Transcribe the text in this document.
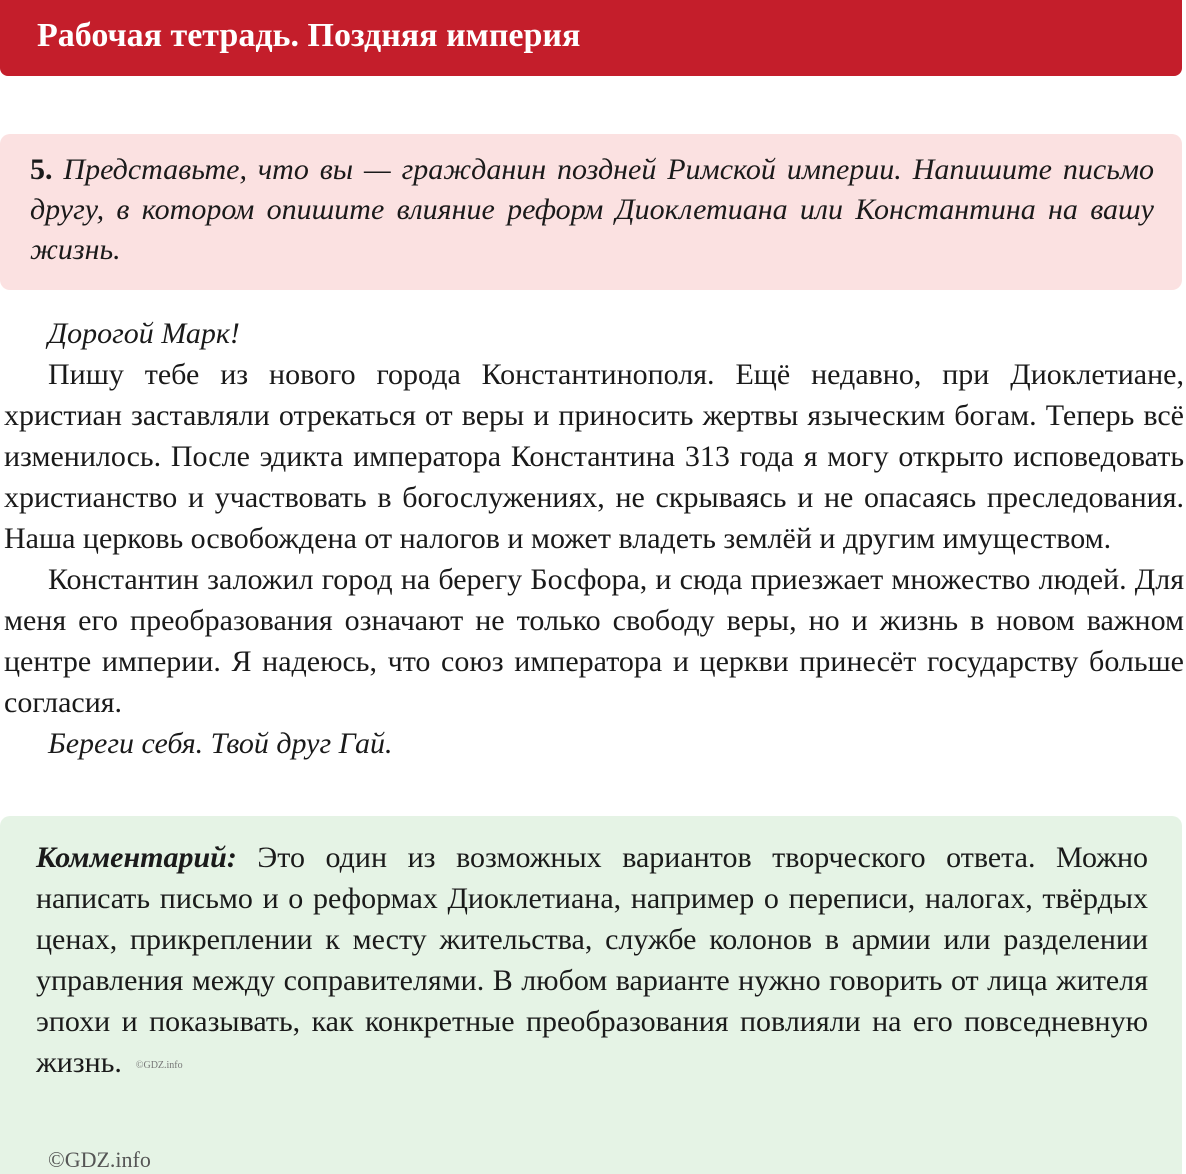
Рабочая тетрадь. Поздняя империя
5. Представьте, что вы — гражданин поздней Римской империи. Напишите письмо другу, в котором опишите влияние реформ Диоклетиана или Константина на вашу жизнь.

Дорогой Марк!

Пишу тебе из нового города Константинополя. Ещё недавно, при Диоклетиане, христиан заставляли отрекаться от веры и приносить жертвы языческим богам. Теперь всё изменилось. После эдикта императора Константина 313 года я могу открыто исповедовать христианство и участвовать в богослужениях, не скрываясь и не опасаясь преследования. Наша церковь освобождена от налогов и может владеть землёй и другим имуществом.

Константин заложил город на берегу Босфора, и сюда приезжает множество людей. Для меня его преобразования означают не только свободу веры, но и жизнь в новом важном центре империи. Я надеюсь, что союз императора и церкви принесёт государству больше согласия.

Береги себя. Твой друг Гай.

Комментарий: Это один из возможных вариантов творческого ответа. Можно написать письмо и о реформах Диоклетиана, например о переписи, налогах, твёрдых ценах, прикреплении к месту жительства, службе колонов в армии или разделении управления между соправителями. В любом варианте нужно говорить от лица жителя эпохи и показывать, как конкретные преобразования повлияли на его повседневную жизнь. ©GDZ.info
©GDZ.info
